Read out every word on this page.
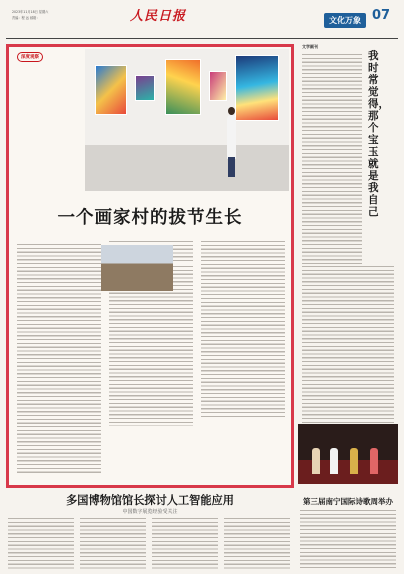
2023年11月18日 星期六
责编：程 远 邮箱：	人民日报	文化万象 07
深度观察
一个画家村的拔节生长
文学副刊
我时常觉得，那个宝玉就是我自己
多国博物馆馆长探讨人工智能应用
中国数字展览经验受关注
第三届南宁国际诗歌周举办
